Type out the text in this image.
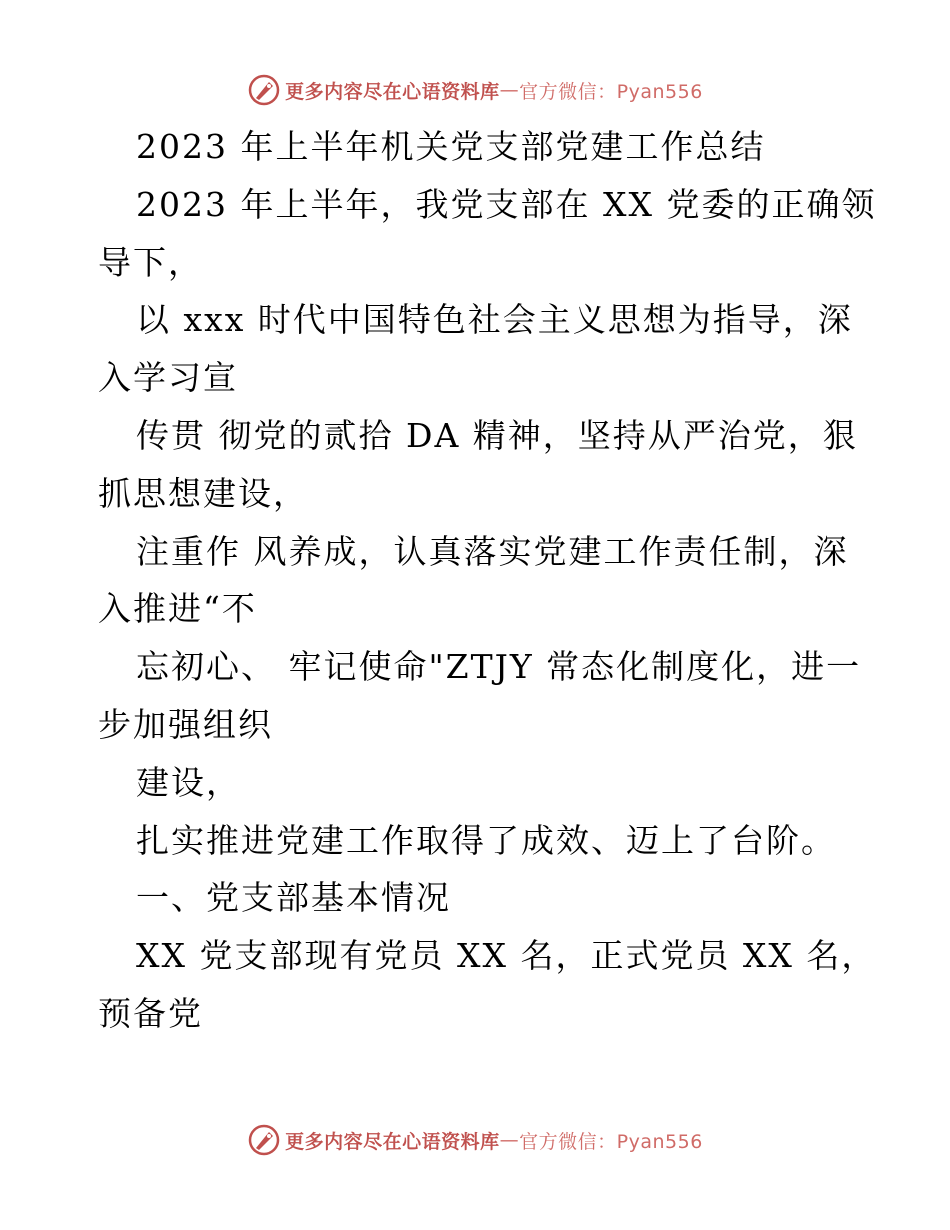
更多内容尽在心语资料库 — 官方微信：Pyan556
2023 年上半年机关党支部党建工作总结
2023 年上半年，我党支部在 XX 党委的正确领
导下，
以 xxx 时代中国特色社会主义思想为指导，深
入学习宣
传贯 彻党的贰拾 DA 精神，坚持从严治党，狠
抓思想建设，
注重作 风养成，认真落实党建工作责任制，深
入推进“不
忘初心、 牢记使命"ZTJY 常态化制度化，进一
步加强组织
建设，
扎实推进党建工作取得了成效、迈上了台阶。
一、党支部基本情况
XX 党支部现有党员 XX 名，正式党员 XX 名，
预备党
更多内容尽在心语资料库 — 官方微信：Pyan556
